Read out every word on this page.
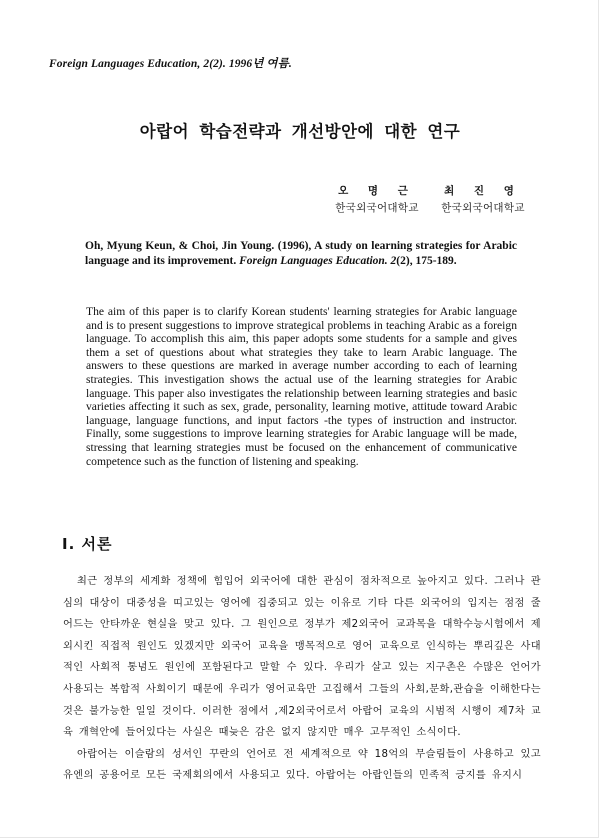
Foreign Languages Education, 2(2). 1996년 여름.
아랍어 학습전략과 개선방안에 대한 연구
오 명 근
한국외국어대학교
최 진 영
한국외국어대학교
Oh, Myung Keun, & Choi, Jin Young. (1996), A study on learning strategies for Arabic language and its improvement. Foreign Languages Education. 2(2), 175-189.
The aim of this paper is to clarify Korean students' learning strategies for Arabic language and is to present suggestions to improve strategical problems in teaching Arabic as a foreign language. To accomplish this aim, this paper adopts some students for a sample and gives them a set of questions about what strategies they take to learn Arabic language. The answers to these questions are marked in average number according to each of learning strategies. This investigation shows the actual use of the learning strategies for Arabic language. This paper also investigates the relationship between learning strategies and basic varieties affecting it such as sex, grade, personality, learning motive, attitude toward Arabic language, language functions, and input factors -the types of instruction and instructor. Finally, some suggestions to improve learning strategies for Arabic language will be made, stressing that learning strategies must be focused on the enhancement of communicative competence such as the function of listening and speaking.
Ⅰ. 서론

최근 정부의 세계화 정책에 힘입어 외국어에 대한 관심이 점차적으로 높아지고 있다. 그러나 관심의 대상이 대중성을 띠고있는 영어에 집중되고 있는 이유로 기타 다른 외국어의 입지는 점점 줄어드는 안타까운 현실을 맞고 있다. 그 원인으로 정부가 제2외국어 교과목을 대학수능시험에서 제외시킨 직접적 원인도 있겠지만 외국어 교육을 맹목적으로 영어 교육으로 인식하는 뿌리깊은 사대적인 사회적 통념도 원인에 포함된다고 말할 수 있다. 우리가 살고 있는 지구촌은 수많은 언어가 사용되는 복합적 사회이기 때문에 우리가 영어교육만 고집해서 그들의 사회,문화,관습을 이해한다는 것은 불가능한 일일 것이다. 이러한 점에서 ,제2외국어로서 아랍어 교육의 시범적 시행이 제7차 교육 개혁안에 들어있다는 사실은 때늦은 감은 없지 않지만 매우 고무적인 소식이다.

아랍어는 이슬람의 성서인 꾸란의 언어로 전 세계적으로 약 18억의 무슬림들이 사용하고 있고 유엔의 공용어로 모든 국제회의에서 사용되고 있다. 아랍어는 아랍인들의 민족적 긍지를 유지시
